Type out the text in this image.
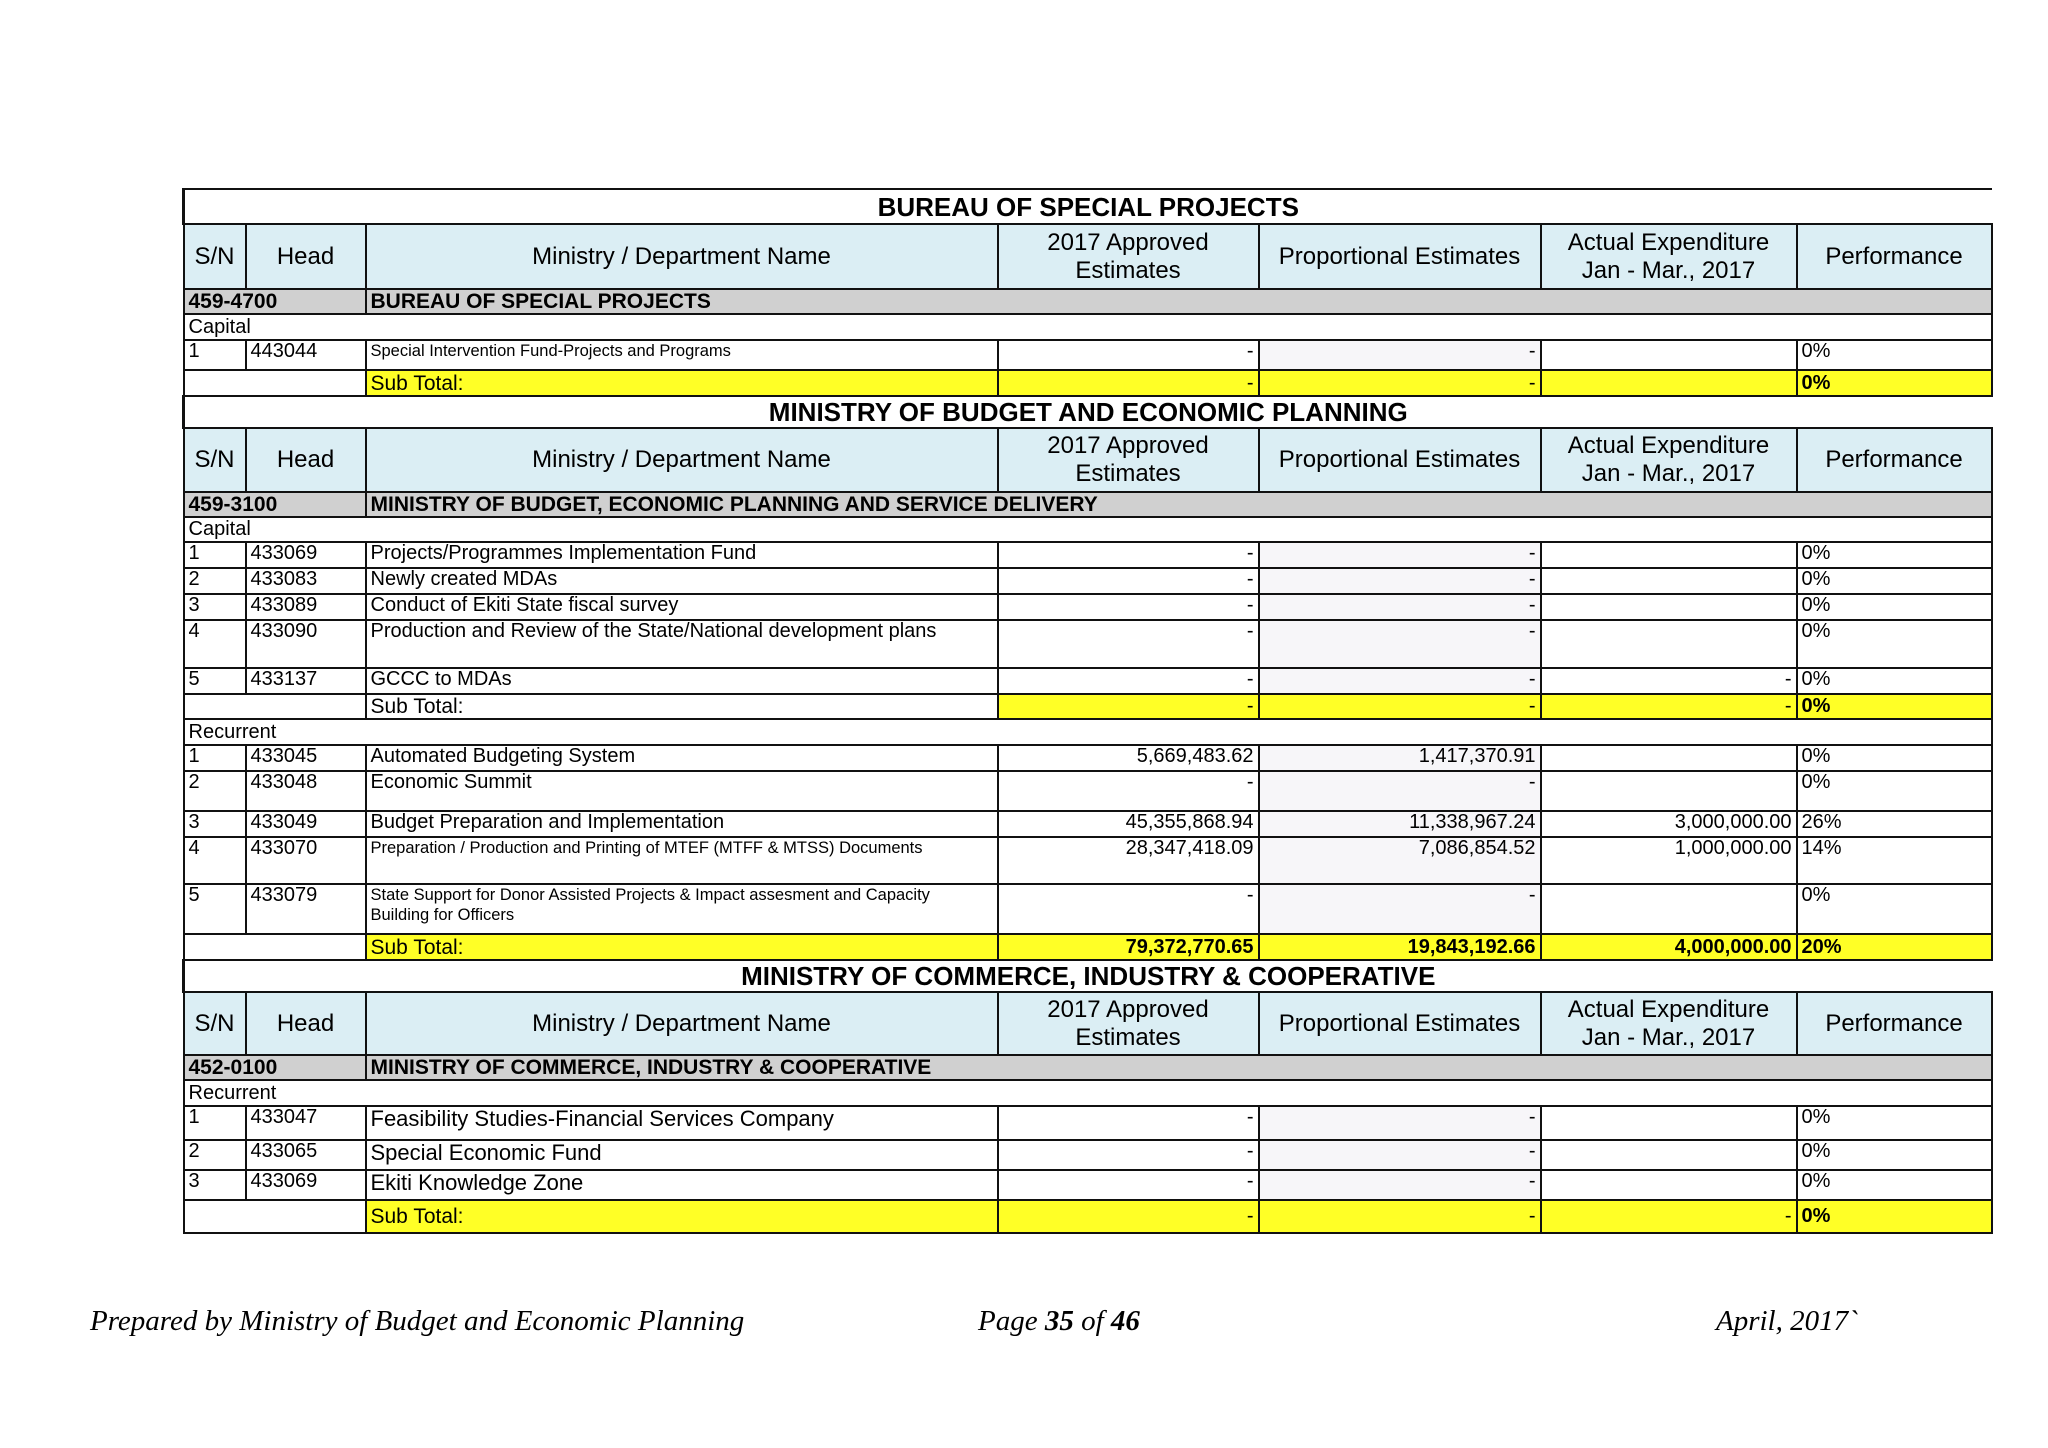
BUREAU OF SPECIAL PROJECTS						
S/N	Head	Ministry / Department Name	2017 Approved Estimates	Proportional Estimates	Actual Expenditure Jan - Mar., 2017	Performance
459-4700		BUREAU OF SPECIAL PROJECTS				
Capital						
1	443044	Special Intervention Fund-Projects and Programs	-	-		0%
		Sub Total:	-	-		0%
MINISTRY OF BUDGET AND ECONOMIC PLANNING						
S/N	Head	Ministry / Department Name	2017 Approved Estimates	Proportional Estimates	Actual Expenditure Jan - Mar., 2017	Performance
459-3100		MINISTRY OF BUDGET, ECONOMIC PLANNING AND SERVICE DELIVERY				
Capital						
1	433069	Projects/Programmes Implementation Fund	-	-		0%
2	433083	Newly created MDAs	-	-		0%
3	433089	Conduct of Ekiti State fiscal survey	-	-		0%
4	433090	Production and Review of the State/National development plans	-	-		0%
5	433137	GCCC to MDAs	-	-	-	0%
		Sub Total:	-	-	-	0%
Recurrent						
1	433045	Automated Budgeting System	5,669,483.62	1,417,370.91		0%
2	433048	Economic Summit	-	-		0%
3	433049	Budget Preparation and Implementation	45,355,868.94	11,338,967.24	3,000,000.00	26%
4	433070	Preparation / Production and Printing of MTEF (MTFF & MTSS) Documents	28,347,418.09	7,086,854.52	1,000,000.00	14%
5	433079	State Support for Donor Assisted Projects & Impact assesment and Capacity Building for Officers	-	-		0%
		Sub Total:	79,372,770.65	19,843,192.66	4,000,000.00	20%
MINISTRY OF COMMERCE, INDUSTRY & COOPERATIVE						
S/N	Head	Ministry / Department Name	2017 Approved Estimates	Proportional Estimates	Actual Expenditure Jan - Mar., 2017	Performance
452-0100		MINISTRY OF COMMERCE, INDUSTRY & COOPERATIVE				
Recurrent						
1	433047	Feasibility Studies-Financial Services Company	-	-		0%
2	433065	Special Economic Fund	-	-		0%
3	433069	Ekiti Knowledge Zone	-	-		0%
		Sub Total:	-	-	-	0%
Prepared by Ministry of Budget and Economic Planning	Page 35 of 46	April, 2017`
